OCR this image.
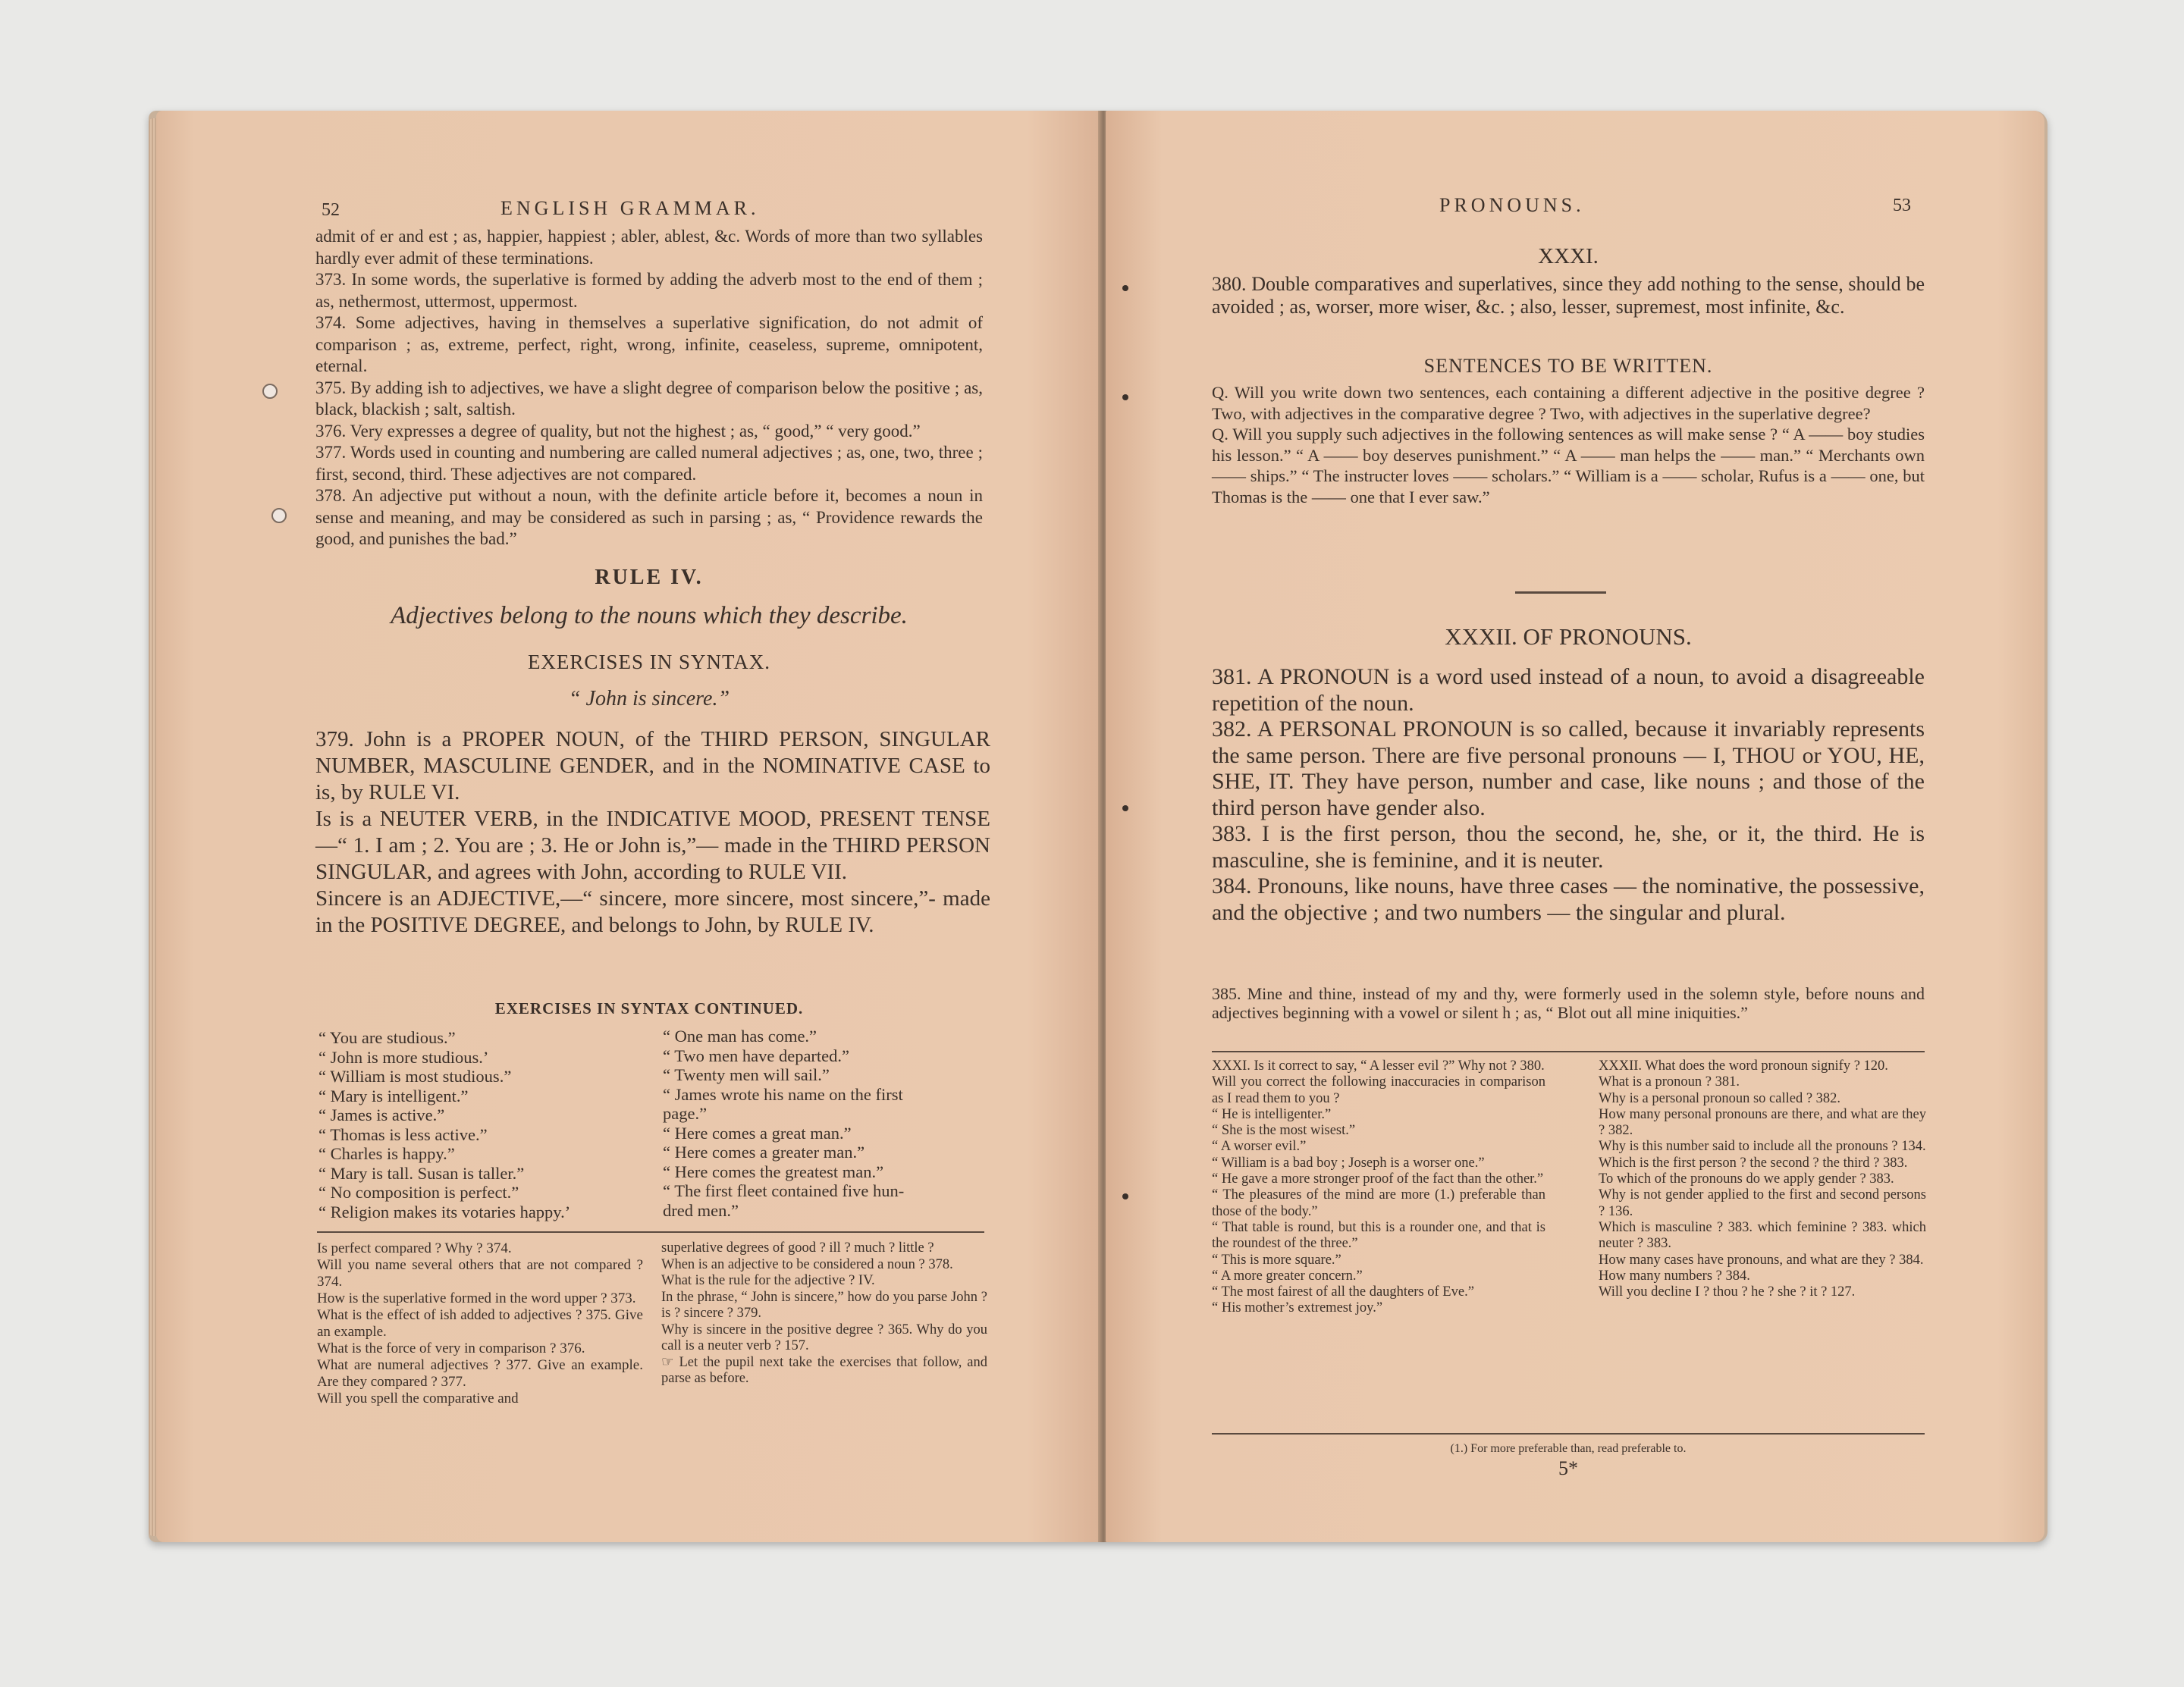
52	ENGLISH GRAMMAR.
admit of er and est ; as, happier, happiest ; abler, ablest, &c. Words of more than two syllables hardly ever admit of these terminations.
373. In some words, the superlative is formed by adding the adverb most to the end of them ; as, nethermost, uttermost, uppermost.
374. Some adjectives, having in themselves a superlative signification, do not admit of comparison ; as, extreme, perfect, right, wrong, infinite, ceaseless, supreme, omnipotent, eternal.
375. By adding ish to adjectives, we have a slight degree of comparison below the positive ; as, black, blackish ; salt, saltish.
376. Very expresses a degree of quality, but not the highest ; as, “ good,” “ very good.”
377. Words used in counting and numbering are called numeral adjectives ; as, one, two, three ; first, second, third. These adjectives are not compared.
378. An adjective put without a noun, with the definite article before it, becomes a noun in sense and meaning, and may be considered as such in parsing ; as, “ Providence rewards the good, and punishes the bad.”
RULE IV.
Adjectives belong to the nouns which they describe.
EXERCISES IN SYNTAX.
“ John is sincere.”
379. John is a PROPER NOUN, of the THIRD PERSON, SINGULAR NUMBER, MASCULINE GENDER, and in the NOMINATIVE CASE to is, by RULE VI.
Is is a NEUTER VERB, in the INDICATIVE MOOD, PRESENT TENSE—“ 1. I am ; 2. You are ; 3. He or John is,”— made in the THIRD PERSON SINGULAR, and agrees with John, according to RULE VII.
Sincere is an ADJECTIVE,—“ sincere, more sincere, most sincere,”- made in the POSITIVE DEGREE, and belongs to John, by RULE IV.
EXERCISES IN SYNTAX CONTINUED.
“ You are studious.”
“ John is more studious.’
“ William is most studious.”
“ Mary is intelligent.”
“ James is active.”
“ Thomas is less active.”
“ Charles is happy.”
“ Mary is tall. Susan is taller.”
“ No composition is perfect.”
“ Religion makes its votaries happy.’
“ One man has come.”
“ Two men have departed.”
“ Twenty men will sail.”
“ James wrote his name on the first
page.”
“ Here comes a great man.”
“ Here comes a greater man.”
“ Here comes the greatest man.”
“ The first fleet contained five hun-
dred men.”
Is perfect compared ? Why ? 374.
Will you name several others that are not compared ? 374.
How is the superlative formed in the word upper ? 373.
What is the effect of ish added to adjectives ? 375. Give an example.
What is the force of very in comparison ? 376.
What are numeral adjectives ? 377. Give an example. Are they compared ? 377.
Will you spell the comparative and
superlative degrees of good ? ill ? much ? little ?
When is an adjective to be considered a noun ? 378.
What is the rule for the adjective ? IV.
In the phrase, “ John is sincere,” how do you parse John ? is ? sincere ? 379.
Why is sincere in the positive degree ? 365. Why do you call is a neuter verb ? 157.
☞ Let the pupil next take the exercises that follow, and parse as before.
PRONOUNS.	53
XXXI.
380. Double comparatives and superlatives, since they add nothing to the sense, should be avoided ; as, worser, more wiser, &c. ; also, lesser, supremest, most infinite, &c.
SENTENCES TO BE WRITTEN.
Q. Will you write down two sentences, each containing a different adjective in the positive degree ? Two, with adjectives in the comparative degree ? Two, with adjectives in the superlative degree?
Q. Will you supply such adjectives in the following sentences as will make sense ? “ A —— boy studies his lesson.” “ A —— boy deserves punishment.” “ A —— man helps the —— man.” “ Merchants own —— ships.” “ The instructer loves —— scholars.” “ William is a —— scholar, Rufus is a —— one, but Thomas is the —— one that I ever saw.”
XXXII. OF PRONOUNS.
381. A PRONOUN is a word used instead of a noun, to avoid a disagreeable repetition of the noun.
382. A PERSONAL PRONOUN is so called, because it invariably represents the same person. There are five personal pronouns — I, THOU or YOU, HE, SHE, IT. They have person, number and case, like nouns ; and those of the third person have gender also.
383. I is the first person, thou the second, he, she, or it, the third. He is masculine, she is feminine, and it is neuter.
384. Pronouns, like nouns, have three cases — the nominative, the possessive, and the objective ; and two numbers — the singular and plural.
385. Mine and thine, instead of my and thy, were formerly used in the solemn style, before nouns and adjectives beginning with a vowel or silent h ; as, “ Blot out all mine iniquities.”
XXXI. Is it correct to say, “ A lesser evil ?” Why not ? 380.
Will you correct the following inaccuracies in comparison as I read them to you ?
“ He is intelligenter.”
“ She is the most wisest.”
“ A worser evil.”
“ William is a bad boy ; Joseph is a worser one.”
“ He gave a more stronger proof of the fact than the other.”
“ The pleasures of the mind are more (1.) preferable than those of the body.”
“ That table is round, but this is a rounder one, and that is the roundest of the three.”
“ This is more square.”
“ A more greater concern.”
“ The most fairest of all the daughters of Eve.”
“ His mother’s extremest joy.”
XXXII. What does the word pronoun signify ? 120.
What is a pronoun ? 381.
Why is a personal pronoun so called ? 382.
How many personal pronouns are there, and what are they ? 382.
Why is this number said to include all the pronouns ? 134.
Which is the first person ? the second ? the third ? 383.
To which of the pronouns do we apply gender ? 383.
Why is not gender applied to the first and second persons ? 136.
Which is masculine ? 383. which feminine ? 383. which neuter ? 383.
How many cases have pronouns, and what are they ? 384.
How many numbers ? 384.
Will you decline I ? thou ? he ? she ? it ? 127.
(1.) For more preferable than, read preferable to.
5*
